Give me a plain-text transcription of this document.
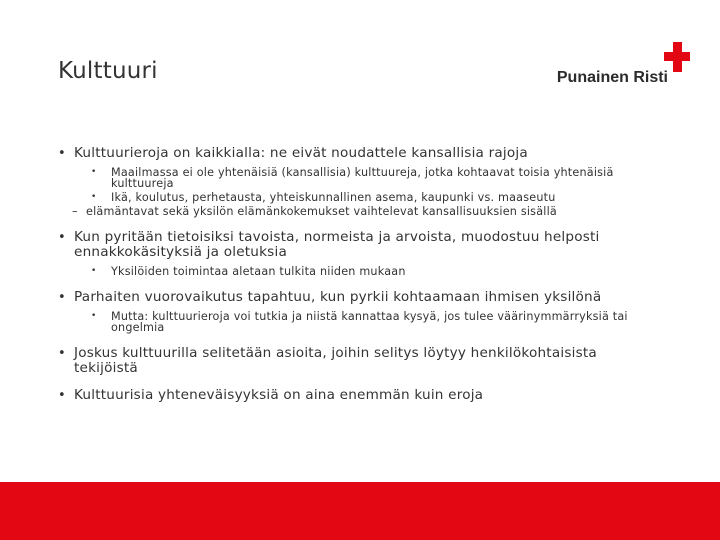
Kulttuuri	Punainen Risti
• Kulttuurieroja on kaikkialla: ne eivät noudattele kansallisia rajoja
• Maailmassa ei ole yhtenäisiä (kansallisia) kulttuureja, jotka kohtaavat toisia yhtenäisiä kulttuureja
• Ikä, koulutus, perhetausta, yhteiskunnallinen asema, kaupunki vs. maaseutu
– elämäntavat sekä yksilön elämänkokemukset vaihtelevat kansallisuuksien sisällä
• Kun pyritään tietoisiksi tavoista, normeista ja arvoista, muodostuu helposti ennakkokäsityksiä ja oletuksia
• Yksilöiden toimintaa aletaan tulkita niiden mukaan
• Parhaiten vuorovaikutus tapahtuu, kun pyrkii kohtaamaan ihmisen yksilönä
• Mutta: kulttuurieroja voi tutkia ja niistä kannattaa kysyä, jos tulee väärinymmärryksiä tai ongelmia
• Joskus kulttuurilla selitetään asioita, joihin selitys löytyy henkilökohtaisista tekijöistä
• Kulttuurisia yhteneväisyyksiä on aina enemmän kuin eroja
